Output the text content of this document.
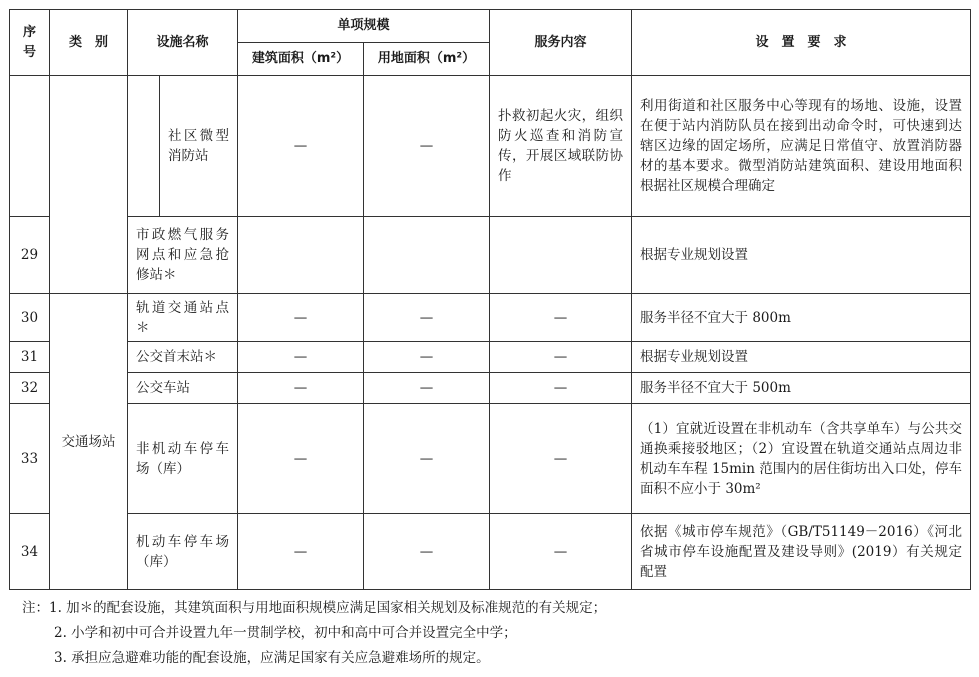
序号	类　别	设施名称		单项规模		服务内容	设　置　要　求
				建筑面积（m²）	用地面积（m²）		
			社区微型消防站	—	—	扑救初起火灾，组织防火巡查和消防宣传，开展区域联防协作	利用街道和社区服务中心等现有的场地、设施，设置在便于站内消防队员在接到出动命令时，可快速到达辖区边缘的固定场所，应满足日常值守、放置消防器材的基本要求。微型消防站建筑面积、建设用地面积根据社区规模合理确定
29		市政燃气服务网点和应急抢修站＊					根据专业规划设置
30	交通场站	轨道交通站点＊		—	—	—	服务半径不宜大于 800m
31		公交首末站＊		—	—	—	根据专业规划设置
32		公交车站		—	—	—	服务半径不宜大于 500m
33		非机动车停车场（库）		—	—	—	（1）宜就近设置在非机动车（含共享单车）与公共交通换乘接驳地区；（2）宜设置在轨道交通站点周边非机动车车程 15min 范围内的居住街坊出入口处，停车面积不应小于 30m²
34		机动车停车场（库）		—	—	—	依据《城市停车规范》（GB/T51149－2016）《河北省城市停车设施配置及建设导则》(2019）有关规定配置
注：1. 加＊的配套设施，其建筑面积与用地面积规模应满足国家相关规划及标准规范的有关规定；
2. 小学和初中可合并设置九年一贯制学校，初中和高中可合并设置完全中学；
3. 承担应急避难功能的配套设施，应满足国家有关应急避难场所的规定。
